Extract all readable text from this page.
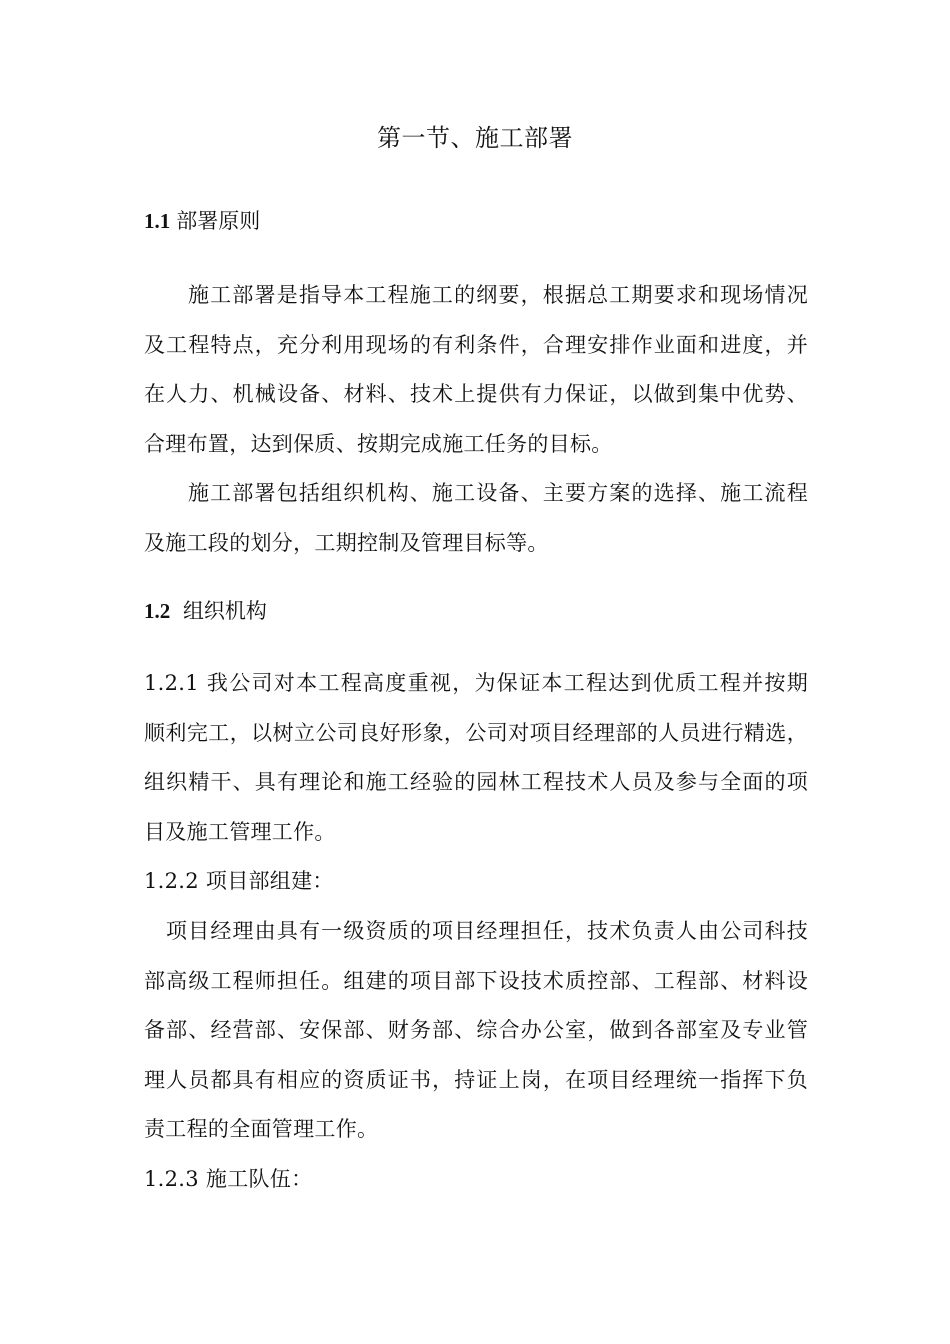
第一节、施工部署
1.1 部署原则
施工部署是指导本工程施工的纲要，根据总工期要求和现场情况
及工程特点，充分利用现场的有利条件，合理安排作业面和进度，并
在人力、机械设备、材料、技术上提供有力保证，以做到集中优势、
合理布置，达到保质、按期完成施工任务的目标。
施工部署包括组织机构、施工设备、主要方案的选择、施工流程
及施工段的划分，工期控制及管理目标等。
1.2 组织机构
1.2.1 我公司对本工程高度重视，为保证本工程达到优质工程并按期
顺利完工，以树立公司良好形象，公司对项目经理部的人员进行精选，
组织精干、具有理论和施工经验的园林工程技术人员及参与全面的项
目及施工管理工作。
1.2.2 项目部组建：
项目经理由具有一级资质的项目经理担任，技术负责人由公司科技
部高级工程师担任。组建的项目部下设技术质控部、工程部、材料设
备部、经营部、安保部、财务部、综合办公室，做到各部室及专业管
理人员都具有相应的资质证书，持证上岗，在项目经理统一指挥下负
责工程的全面管理工作。
1.2.3 施工队伍：
